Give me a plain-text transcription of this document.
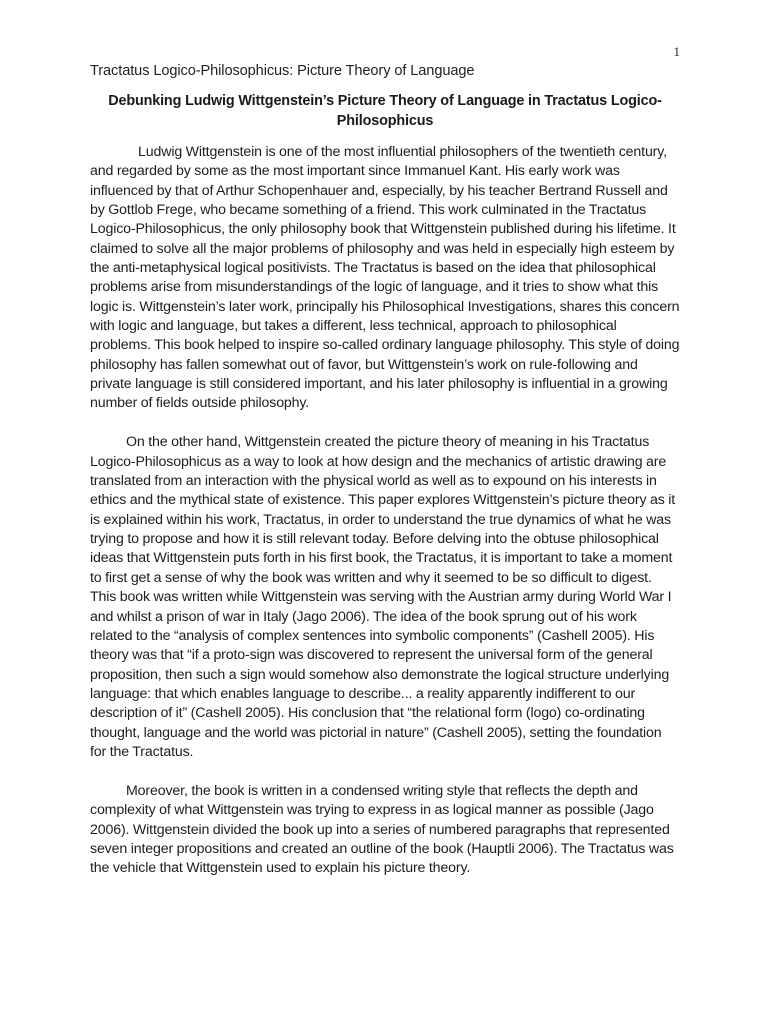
1
Tractatus Logico-Philosophicus: Picture Theory of Language
Debunking Ludwig Wittgenstein’s Picture Theory of Language in Tractatus Logico-Philosophicus

Ludwig Wittgenstein is one of the most influential philosophers of the twentieth century, and regarded by some as the most important since Immanuel Kant. His early work was influenced by that of Arthur Schopenhauer and, especially, by his teacher Bertrand Russell and by Gottlob Frege, who became something of a friend. This work culminated in the Tractatus Logico-Philosophicus, the only philosophy book that Wittgenstein published during his lifetime. It claimed to solve all the major problems of philosophy and was held in especially high esteem by the anti-metaphysical logical positivists. The Tractatus is based on the idea that philosophical problems arise from misunderstandings of the logic of language, and it tries to show what this logic is. Wittgenstein’s later work, principally his Philosophical Investigations, shares this concern with logic and language, but takes a different, less technical, approach to philosophical problems. This book helped to inspire so-called ordinary language philosophy. This style of doing philosophy has fallen somewhat out of favor, but Wittgenstein’s work on rule-following and private language is still considered important, and his later philosophy is influential in a growing number of fields outside philosophy.

On the other hand, Wittgenstein created the picture theory of meaning in his Tractatus Logico-Philosophicus as a way to look at how design and the mechanics of artistic drawing are translated from an interaction with the physical world as well as to expound on his interests in ethics and the mythical state of existence. This paper explores Wittgenstein’s picture theory as it is explained within his work, Tractatus, in order to understand the true dynamics of what he was trying to propose and how it is still relevant today. Before delving into the obtuse philosophical ideas that Wittgenstein puts forth in his first book, the Tractatus, it is important to take a moment to first get a sense of why the book was written and why it seemed to be so difficult to digest. This book was written while Wittgenstein was serving with the Austrian army during World War I and whilst a prison of war in Italy (Jago 2006). The idea of the book sprung out of his work related to the “analysis of complex sentences into symbolic components” (Cashell 2005). His theory was that “if a proto-sign was discovered to represent the universal form of the general proposition, then such a sign would somehow also demonstrate the logical structure underlying language: that which enables language to describe... a reality apparently indifferent to our description of it” (Cashell 2005). His conclusion that “the relational form (logo) co-ordinating thought, language and the world was pictorial in nature” (Cashell 2005), setting the foundation for the Tractatus.

Moreover, the book is written in a condensed writing style that reflects the depth and complexity of what Wittgenstein was trying to express in as logical manner as possible (Jago 2006). Wittgenstein divided the book up into a series of numbered paragraphs that represented seven integer propositions and created an outline of the book (Hauptli 2006). The Tractatus was the vehicle that Wittgenstein used to explain his picture theory.
